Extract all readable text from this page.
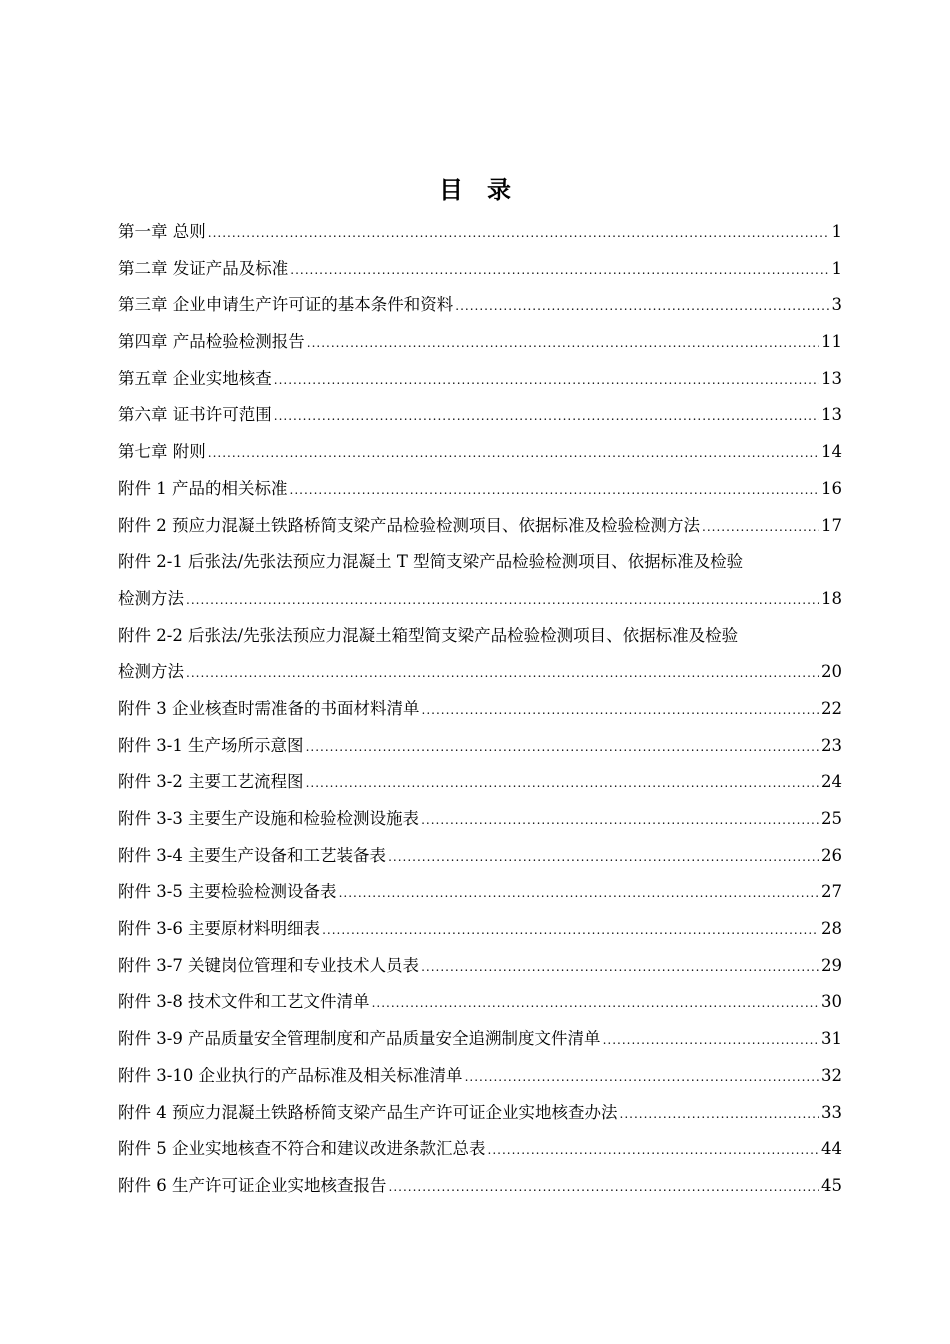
目　录
第一章 总则 .....	1
第二章 发证产品及标准 .....	1
第三章 企业申请生产许可证的基本条件和资料 .....	3
第四章 产品检验检测报告 .....	11
第五章 企业实地核查 .....	13
第六章 证书许可范围 .....	13
第七章 附则 .....	14
附件 1 产品的相关标准 .....	16
附件 2 预应力混凝土铁路桥简支梁产品检验检测项目、依据标准及检验检测方法 .....	17
附件 2-1 后张法/先张法预应力混凝土 T 型简支梁产品检验检测项目、依据标准及检验
检测方法 .....	18
附件 2-2 后张法/先张法预应力混凝土箱型简支梁产品检验检测项目、依据标准及检验
检测方法 .....	20
附件 3 企业核查时需准备的书面材料清单 .....	22
附件 3-1 生产场所示意图 .....	23
附件 3-2 主要工艺流程图 .....	24
附件 3-3 主要生产设施和检验检测设施表 .....	25
附件 3-4 主要生产设备和工艺装备表 .....	26
附件 3-5 主要检验检测设备表 .....	27
附件 3-6 主要原材料明细表 .....	28
附件 3-7 关键岗位管理和专业技术人员表 .....	29
附件 3-8 技术文件和工艺文件清单 .....	30
附件 3-9 产品质量安全管理制度和产品质量安全追溯制度文件清单 .....	31
附件 3-10 企业执行的产品标准及相关标准清单 .....	32
附件 4 预应力混凝土铁路桥简支梁产品生产许可证企业实地核查办法 .....	33
附件 5 企业实地核查不符合和建议改进条款汇总表 .....	44
附件 6 生产许可证企业实地核查报告 .....	45
